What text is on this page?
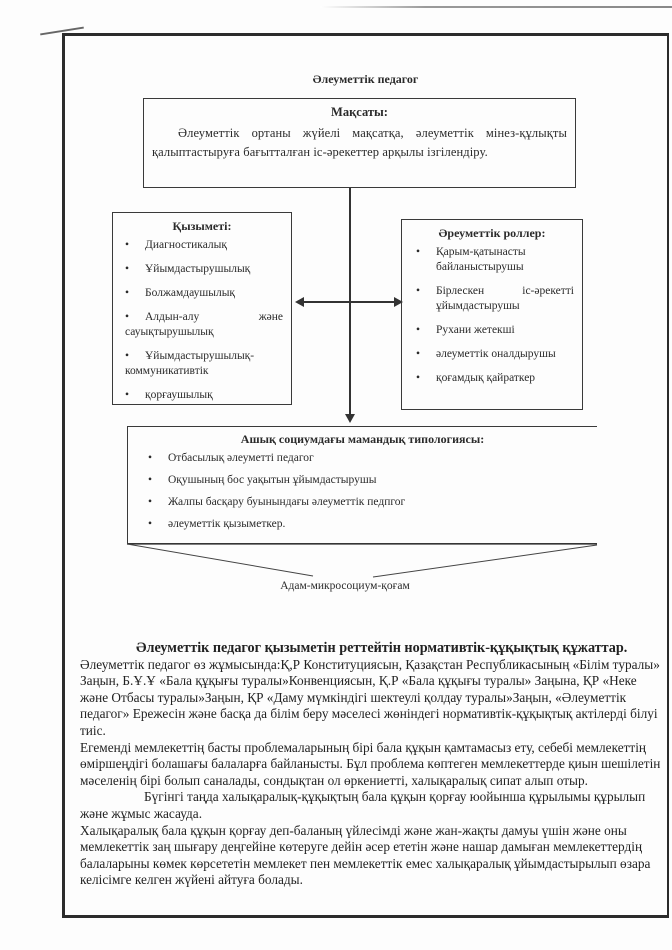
Әлеуметтік педагог
Мақсаты:
Әлеуметтік ортаны жүйелі мақсатқа, әлеуметтік мінез-құлықты қалыптастыруға бағытталған іс-әрекеттер арқылы ізгілендіру.
Қызыметі:
• Диагностикалық
• Ұйымдастырушылық
• Болжамдаушылық
• Алдын-алу және сауықтырушылық
• Ұйымдастырушылық-коммуникативтік
• қорғаушылық
Әреуметтік роллер:
•	Қарым-қатынасты байланыстырушы
•	Бірлескен іс-әрекетті ұйымдастырушы
•	Рухани жетекші
•	әлеуметтік оналдырушы
•	қоғамдық қайраткер
Ашық социумдағы мамандық типологиясы:
• Отбасылық әлеуметті педагог
• Оқушының бос уақытын ұйымдастырушы
• Жалпы басқару буынындағы әлеуметтік педпгог
• әлеуметтік қызыметкер.
Адам-микросоциум-қоғам
Әлеуметтік педагог қызыметін реттейтін нормативтік-құқықтық құжаттар.

Әлеуметтік педагог өз жұмысында:Қ,Р Конституциясын, Қазақстан Республикасының «Білім туралы» Заңын, Б.Ұ.Ұ «Бала құқығы туралы»Конвенциясын, Қ.Р «Бала құқығы туралы» Заңына, ҚР «Неке және Отбасы туралы»Заңын, ҚР «Даму мүмкіндігі шектеулі қолдау туралы»Заңын, «Әлеуметтік педагог» Ережесін және басқа да білім беру мәселесі жөніндегі нормативтік-құқықтық актілерді білуі тиіс.

Егеменді мемлекеттің басты проблемаларының бірі бала құқын қамтамасыз ету, себебі мемлекеттің өміршеңдігі болашағы балаларға байланысты. Бұл проблема көптеген мемлекеттерде қиын шешілетін мәселенің бірі болып саналады, сондықтан ол өркениетті, халықаралық сипат алып отыр.

Бүгінгі таңда халықаралық-құқықтың бала құқын қорғау юойынша құрылымы құрылып және жұмыс жасауда.

Халықаралық бала құқын қорғау деп-баланың үйлесімді және жан-жақты дамуы үшін және оны мемлекеттік заң шығару деңгейіне көтеруге дейін әсер ететін және нашар дамыған мемлекеттердің балаларыны көмек көрсететін мемлекет пен мемлекеттік емес халықаралық ұйымдастырылып өзара келісімге келген жүйені айтуға болады.
